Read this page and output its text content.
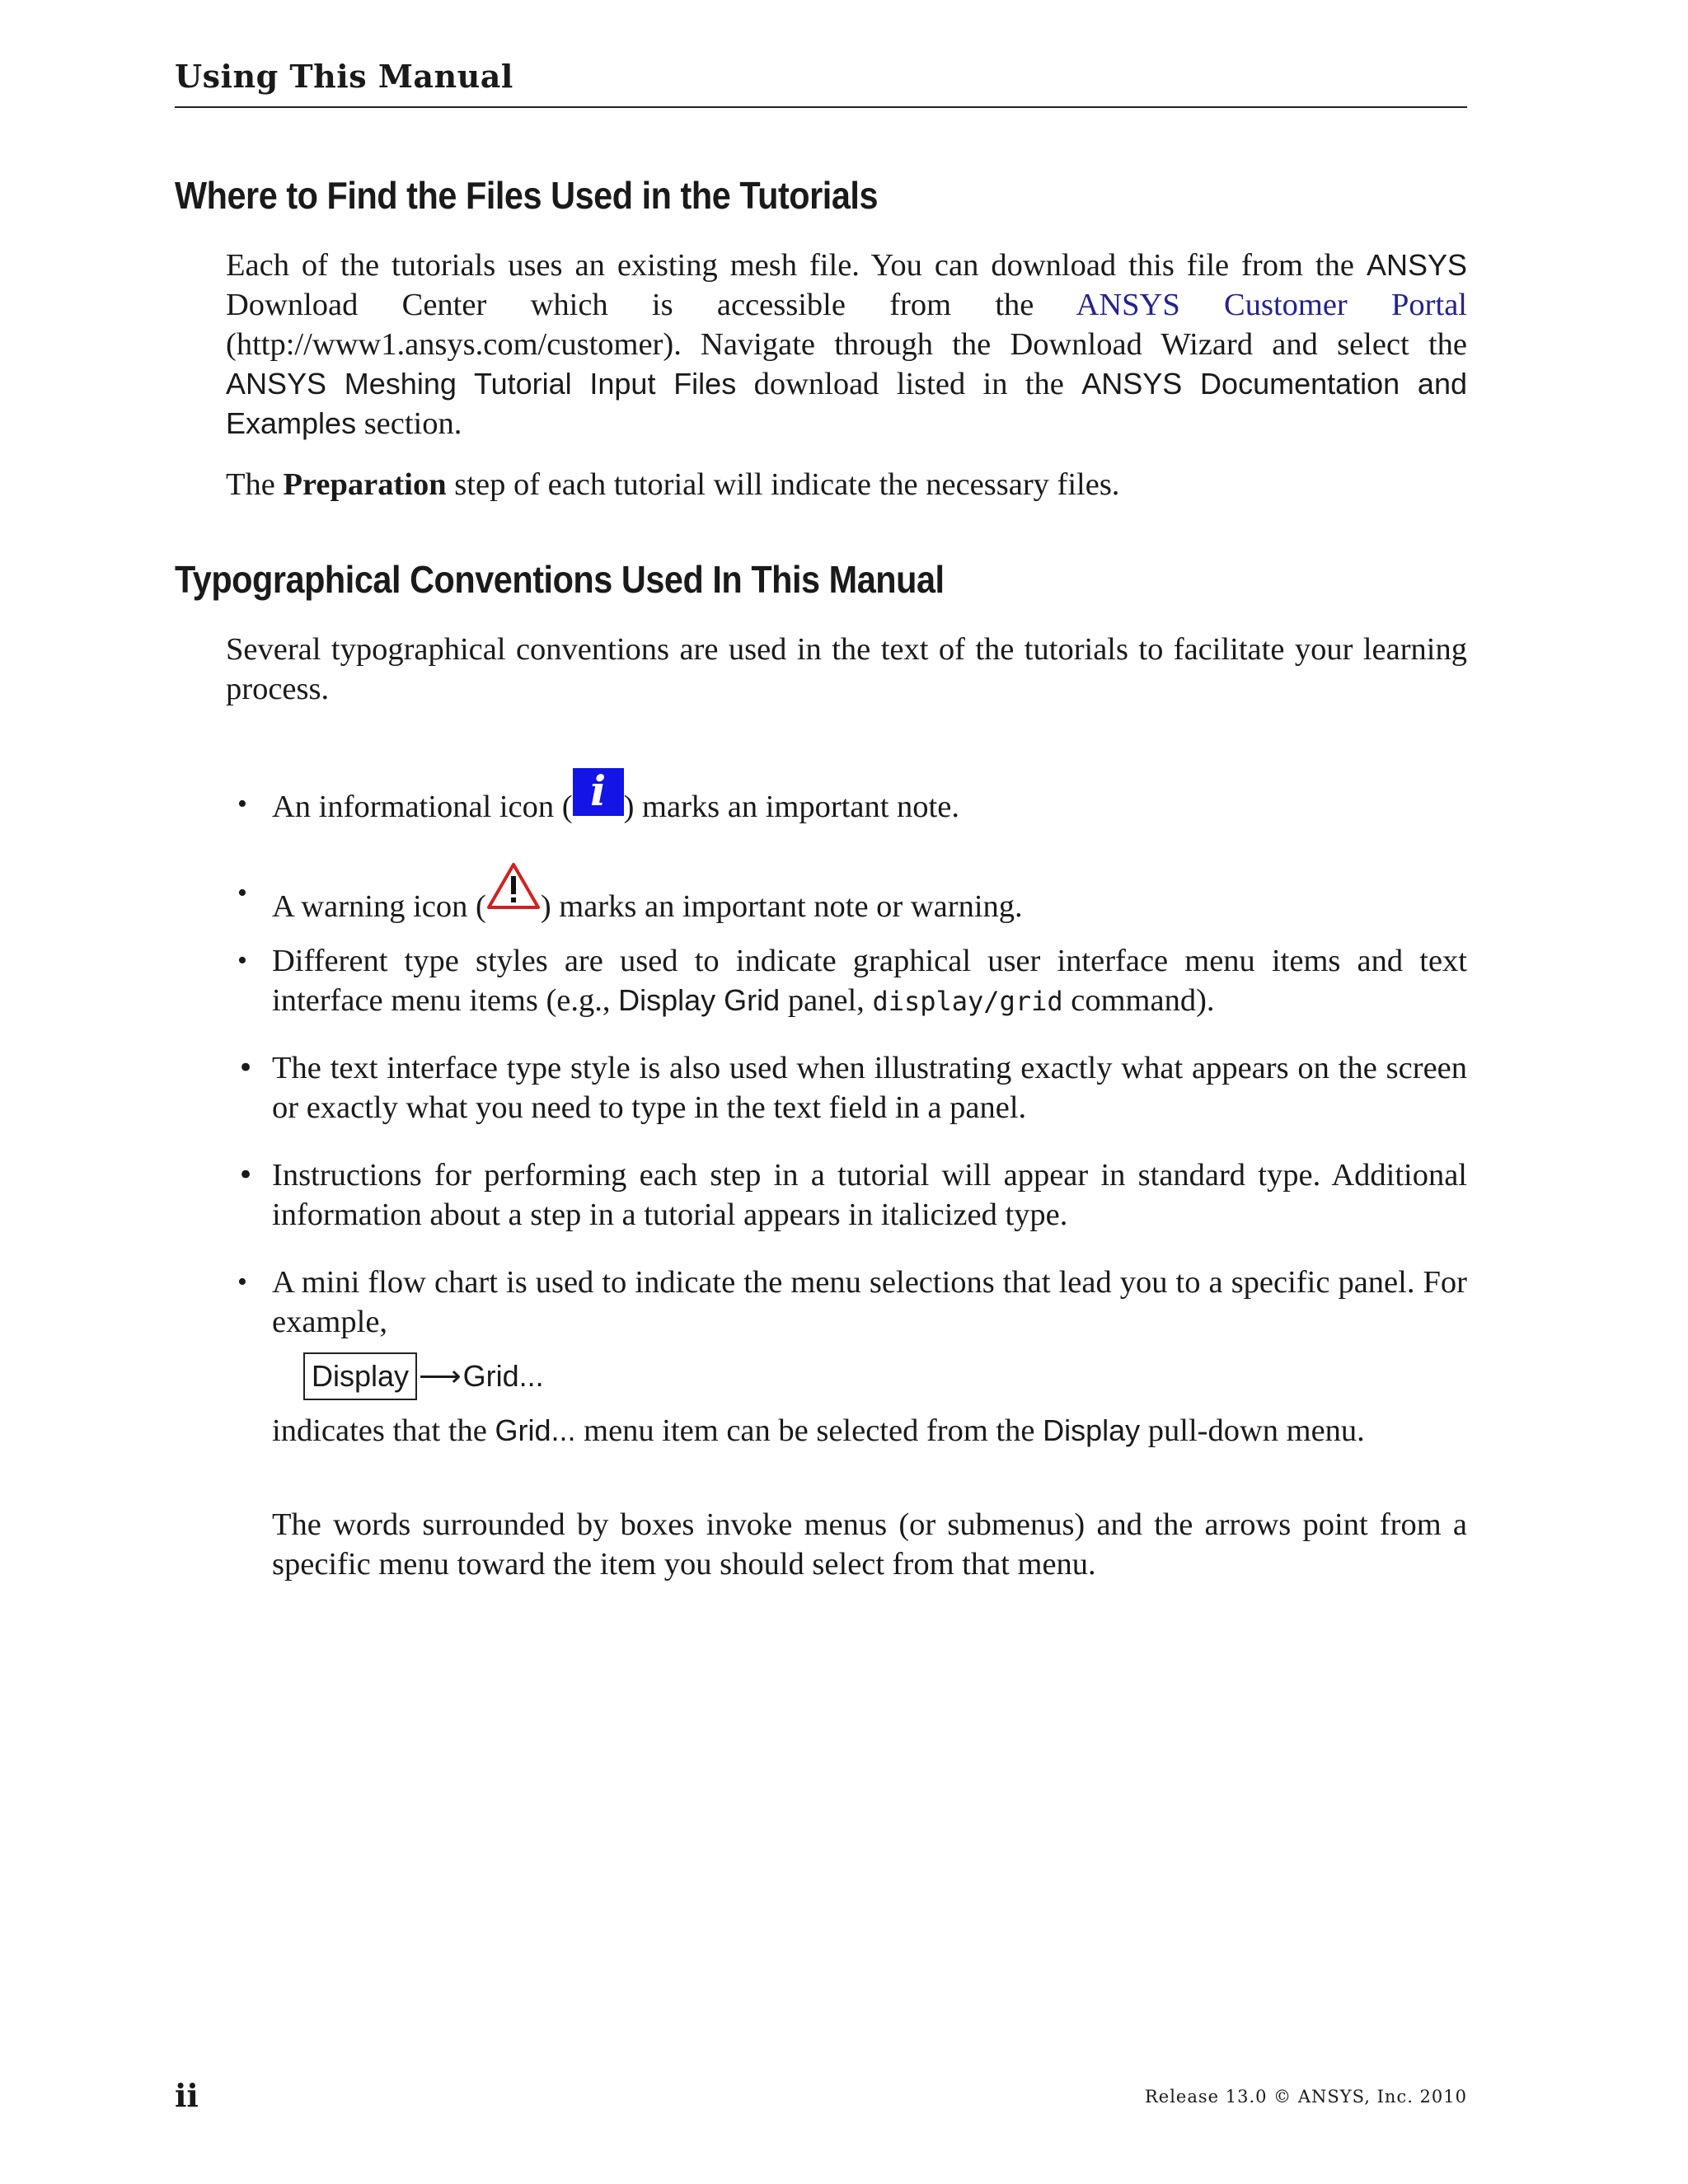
Using This Manual
Where to Find the Files Used in the Tutorials
Each of the tutorials uses an existing mesh file. You can download this file from the ANSYS Download Center which is accessible from the ANSYS Customer Portal (http://www1.ansys.com/customer). Navigate through the Download Wizard and select the ANSYS Meshing Tutorial Input Files download listed in the ANSYS Documentation and Examples section.
The Preparation step of each tutorial will indicate the necessary files.
Typographical Conventions Used In This Manual
Several typographical conventions are used in the text of the tutorials to facilitate your learning process.
• An informational icon ( i ) marks an important note.
• A warning icon ( ) marks an important note or warning.
• Different type styles are used to indicate graphical user interface menu items and text interface menu items (e.g., Display Grid panel, display/grid command).
The text interface type style is also used when illustrating exactly what appears on the screen or exactly what you need to type in the text field in a panel.
•
Instructions for performing each step in a tutorial will appear in standard type. Additional information about a step in a tutorial appears in italicized type.
•
• A mini flow chart is used to indicate the menu selections that lead you to a specific panel. For example,
Display ⟶ Grid...
indicates that the Grid... menu item can be selected from the Display pull-down menu.
The words surrounded by boxes invoke menus (or submenus) and the arrows point from a specific menu toward the item you should select from that menu.
ii	Release 13.0 © ANSYS, Inc. 2010
